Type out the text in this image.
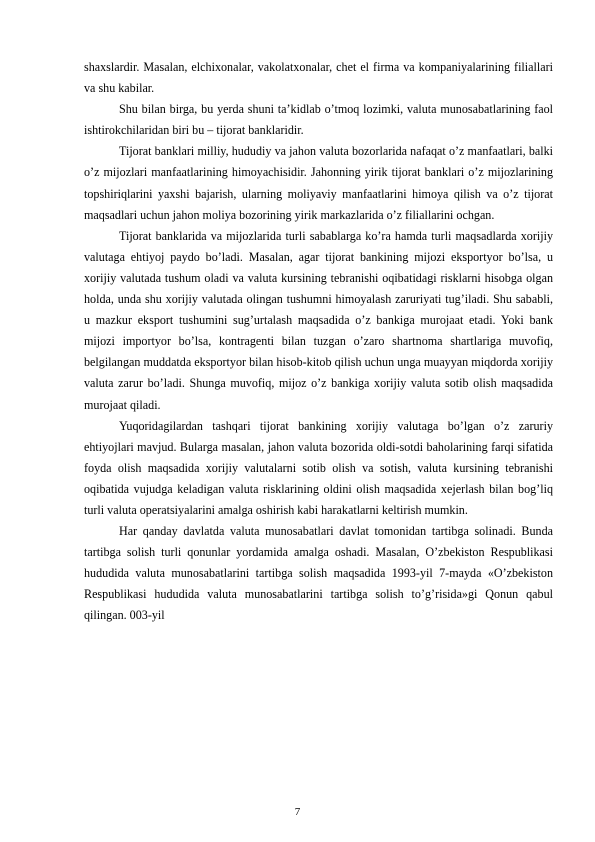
shaxslardir. Masalan, elchixonalar, vakolatxonalar, chet el firma va kompaniyalarining filiallari va shu kabilar.

Shu bilan birga, bu yerda shuni ta’kidlab o’tmoq lozimki, valuta munosabatlarining faol ishtirokchilaridan biri bu – tijorat banklaridir.

Tijorat banklari milliy, hududiy va jahon valuta bozorlarida nafaqat o’z manfaatlari, balki o’z mijozlari manfaatlarining himoyachisidir. Jahonning yirik tijorat banklari o’z mijozlarining topshiriqlarini yaxshi bajarish, ularning moliyaviy manfaatlarini himoya qilish va o’z tijorat maqsadlari uchun jahon moliya bozorining yirik markazlarida o’z filiallarini ochgan.

Tijorat banklarida va mijozlarida turli sabablarga ko’ra hamda turli maqsadlarda xorijiy valutaga ehtiyoj paydo bo’ladi. Masalan, agar tijorat bankining mijozi eksportyor bo’lsa, u xorijiy valutada tushum oladi va valuta kursining tebranishi oqibatidagi risklarni hisobga olgan holda, unda shu xorijiy valutada olingan tushumni himoyalash zaruriyati tug’iladi. Shu sababli, u mazkur eksport tushumini sug’urtalash maqsadida o’z bankiga murojaat etadi. Yoki bank mijozi importyor bo’lsa, kontragenti bilan tuzgan o’zaro shartnoma shartlariga muvofiq, belgilangan muddatda eksportyor bilan hisob-kitob qilish uchun unga muayyan miqdorda xorijiy valuta zarur bo’ladi. Shunga muvofiq, mijoz o’z bankiga xorijiy valuta sotib olish maqsadida murojaat qiladi.

Yuqoridagilardan tashqari tijorat bankining xorijiy valutaga bo’lgan o’z zaruriy ehtiyojlari mavjud. Bularga masalan, jahon valuta bozorida oldi-sotdi baholarining farqi sifatida foyda olish maqsadida xorijiy valutalarni sotib olish va sotish, valuta kursining tebranishi oqibatida vujudga keladigan valuta risklarining oldini olish maqsadida xejerlash bilan bog’liq turli valuta operatsiyalarini amalga oshirish kabi harakatlarni keltirish mumkin.

Har qanday davlatda valuta munosabatlari davlat tomonidan tartibga solinadi. Bunda tartibga solish turli qonunlar yordamida amalga oshadi. Masalan, O’zbekiston Respublikasi hududida valuta munosabatlarini tartibga solish maqsadida 1993-yil 7-mayda «O’zbekiston Respublikasi hududida valuta munosabatlarini tartibga solish to’g’risida»gi Qonun qabul qilingan. 003-yil

7
